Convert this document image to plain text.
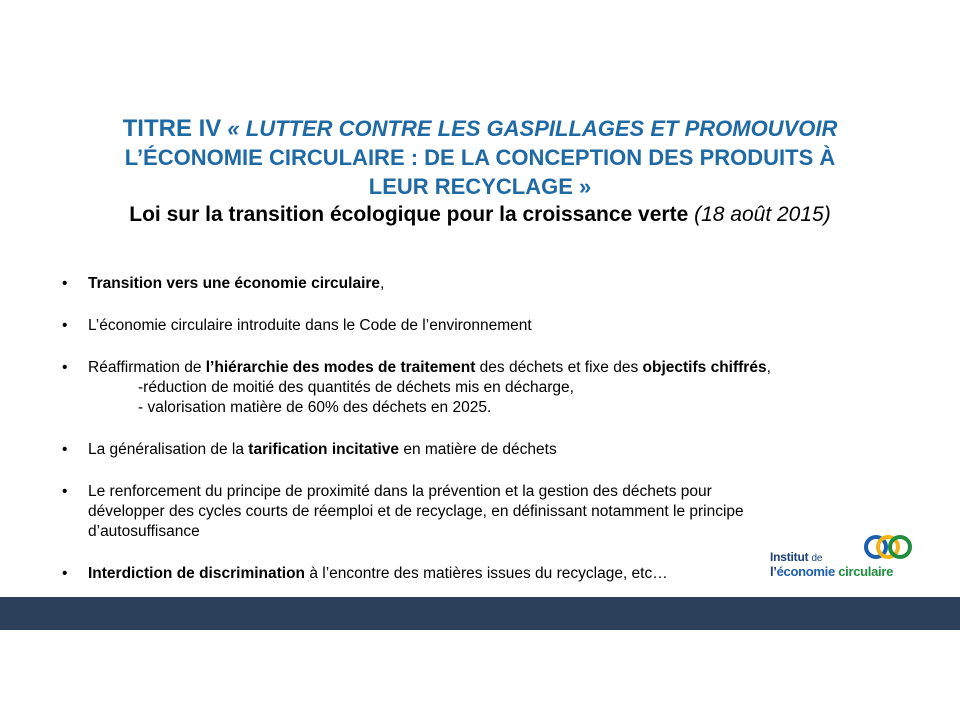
TITRE IV « LUTTER CONTRE LES GASPILLAGES ET PROMOUVOIR
L’ÉCONOMIE CIRCULAIRE : DE LA CONCEPTION DES PRODUITS À
LEUR RECYCLAGE »
Loi sur la transition écologique pour la croissance verte (18 août 2015)
• Transition vers une économie circulaire,
• L’économie circulaire introduite dans le Code de l’environnement
• Réaffirmation de l’hiérarchie des modes de traitement des déchets et fixe des objectifs chiffrés,
-réduction de moitié des quantités de déchets mis en décharge,
- valorisation matière de 60% des déchets en 2025.
• La généralisation de la tarification incitative en matière de déchets
• Le renforcement du principe de proximité dans la prévention et la gestion des déchets pour
développer des cycles courts de réemploi et de recyclage, en définissant notamment le principe
d’autosuffisance
• Interdiction de discrimination à l’encontre des matières issues du recyclage, etc…
Institut de
l’économie circulaire
